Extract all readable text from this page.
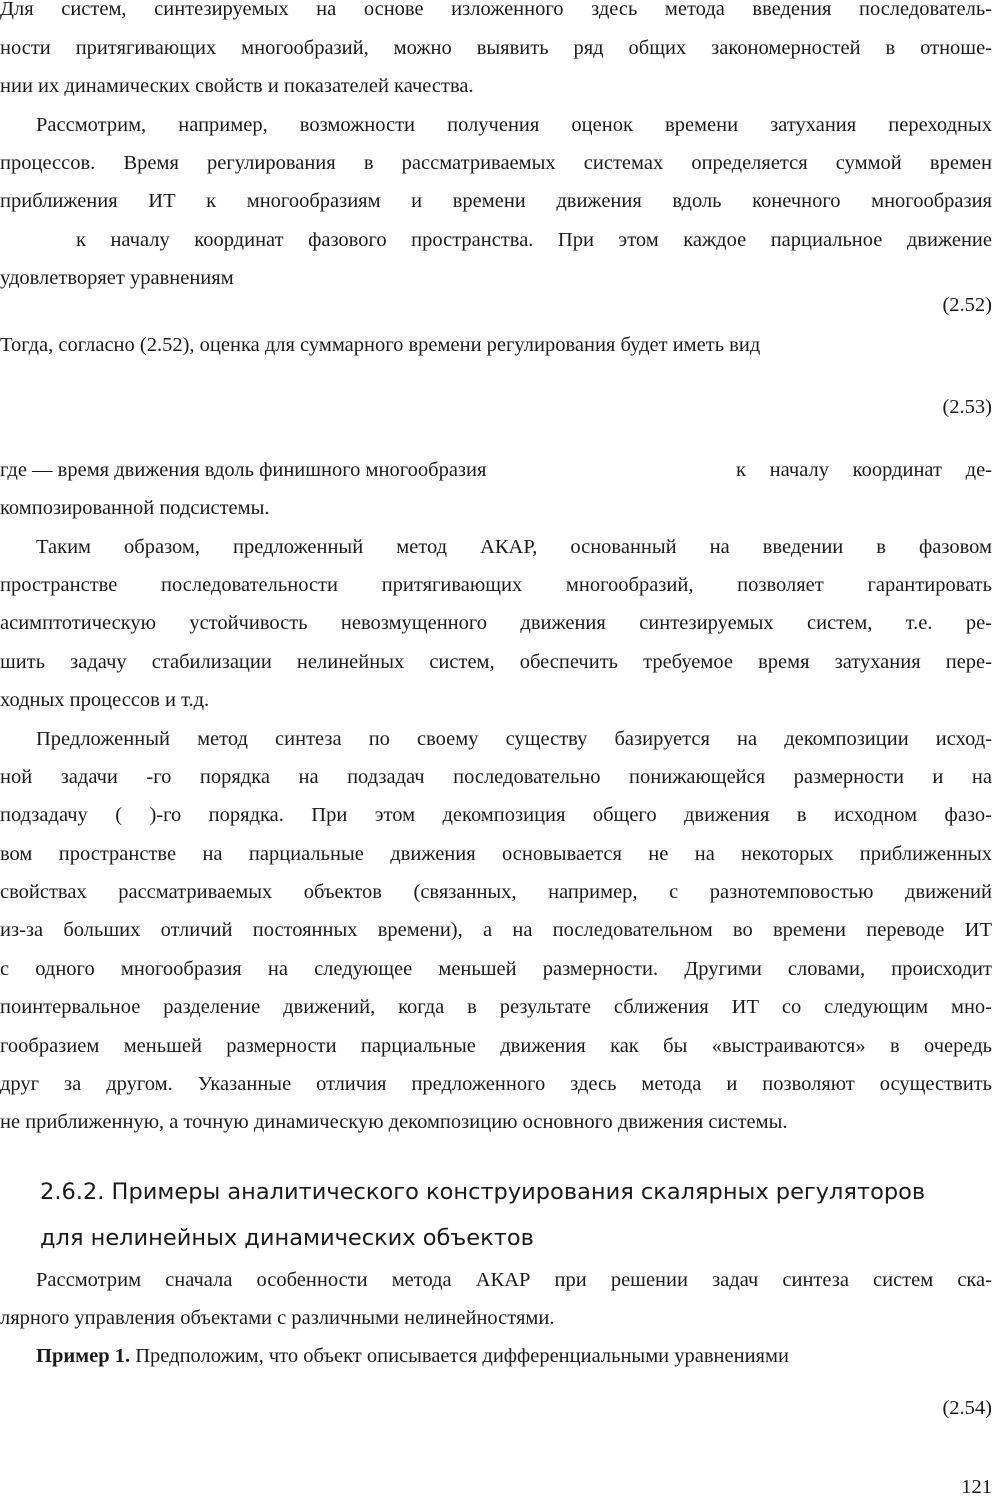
Для систем, синтезируемых на основе изложенного здесь метода введения последователь-
ности притягивающих многообразий, можно выявить ряд общих закономерностей в отноше-
нии их динамических свойств и показателей качества.
Рассмотрим, например, возможности получения оценок времени затухания переходных
процессов. Время регулирования в рассматриваемых системах определяется суммой времен
приближения ИТ к многообразиям и времени движения вдоль конечного многообразия
к началу координат фазового пространства. При этом каждое парциальное движение
удовлетворяет уравнениям
(2.52)
Тогда, согласно (2.52), оценка для суммарного времени регулирования будет иметь вид
(2.53)
где — время движения вдоль финишного многообразия	к началу координат де-
композированной подсистемы.
Таким образом, предложенный метод АКАР, основанный на введении в фазовом
пространстве последовательности притягивающих многообразий, позволяет гарантировать
асимптотическую устойчивость невозмущенного движения синтезируемых систем, т.е. ре-
шить задачу стабилизации нелинейных систем, обеспечить требуемое время затухания пере-
ходных процессов и т.д.
Предложенный метод синтеза по своему существу базируется на декомпозиции исход-
ной задачи -го порядка на подзадач последовательно понижающейся размерности и на
подзадачу ( )-го порядка. При этом декомпозиция общего движения в исходном фазо-
вом пространстве на парциальные движения основывается не на некоторых приближенных
свойствах рассматриваемых объектов (связанных, например, с разнотемповостью движений
из-за больших отличий постоянных времени), а на последовательном во времени переводе ИТ
с одного многообразия на следующее меньшей размерности. Другими словами, происходит
поинтервальное разделение движений, когда в результате сближения ИТ со следующим мно-
гообразием меньшей размерности парциальные движения как бы «выстраиваются» в очередь
друг за другом. Указанные отличия предложенного здесь метода и позволяют осуществить
не приближенную, а точную динамическую декомпозицию основного движения системы.
2.6.2. Примеры аналитического конструирования скалярных регуляторов
для нелинейных динамических объектов
Рассмотрим сначала особенности метода АКАР при решении задач синтеза систем ска-
лярного управления объектами с различными нелинейностями.
Пример 1. Предположим, что объект описывается дифференциальными уравнениями
(2.54)
121
